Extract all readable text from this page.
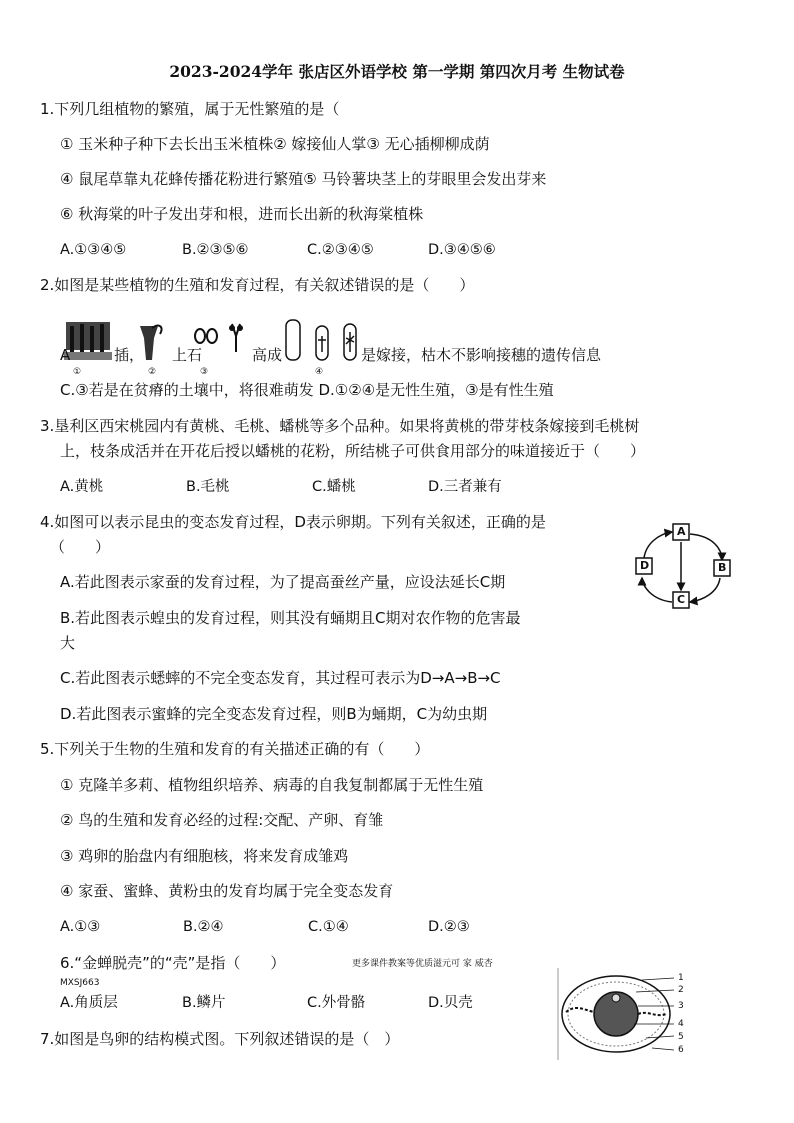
2023-2024学年 张店区外语学校 第一学期 第四次月考 生物试卷
1.下列几组植物的繁殖，属于无性繁殖的是（
① 玉米种子种下去长出玉米植株② 嫁接仙人掌③ 无心插柳柳成荫
④ 鼠尾草靠丸花蜂传播花粉进行繁殖⑤ 马铃薯块茎上的芽眼里会发出芽来
⑥ 秋海棠的叶子发出芽和根，进而长出新的秋海棠植株
A.①③④⑤	B.②③⑤⑥	C.②③④⑤	D.③④⑤⑥
2.如图是某些植物的生殖和发育过程，有关叙述错误的是（　　）
①	②	③	④
A	插， 上石	高成	是嫁接，枯木不影响接穗的遗传信息
C.③若是在贫瘠的土壤中，将很难萌发 D.①②④是无性生殖，③是有性生殖
3.垦利区西宋桃园内有黄桃、毛桃、蟠桃等多个品种。如果将黄桃的带芽枝条嫁接到毛桃树
上，枝条成活并在开花后授以蟠桃的花粉，所结桃子可供食用部分的味道接近于（　　）
A.黄桃	B.毛桃	C.蟠桃	D.三者兼有
4.如图可以表示昆虫的变态发育过程，D表示卵期。下列有关叙述，正确的是
（　　）
A
B
C
D
A.若此图表示家蚕的发育过程，为了提高蚕丝产量，应设法延长C期
B.若此图表示蝗虫的发育过程，则其没有蛹期且C期对农作物的危害最
大
C.若此图表示蟋蟀的不完全变态发育，其过程可表示为D→A→B→C
D.若此图表示蜜蜂的完全变态发育过程，则B为蛹期，C为幼虫期
5.下列关于生物的生殖和发育的有关描述正确的有（　　）
① 克隆羊多莉、植物组织培养、病毒的自我复制都属于无性生殖
② 鸟的生殖和发育必经的过程:交配、产卵、育雏
③ 鸡卵的胎盘内有细胞核，将来发育成雏鸡
④ 家蚕、蜜蜂、黄粉虫的发育均属于完全变态发育
A.①③	B.②④	C.①④	D.②③
6.“金蝉脱壳”的“壳”是指（　　）	更多课件教案等优质滋元可 家 威杏
MXSJ663
A.角质层	B.鳞片	C.外骨骼	D.贝壳
7.如图是鸟卵的结构模式图。下列叙述错误的是（　）
1
2
3
4
5
6
